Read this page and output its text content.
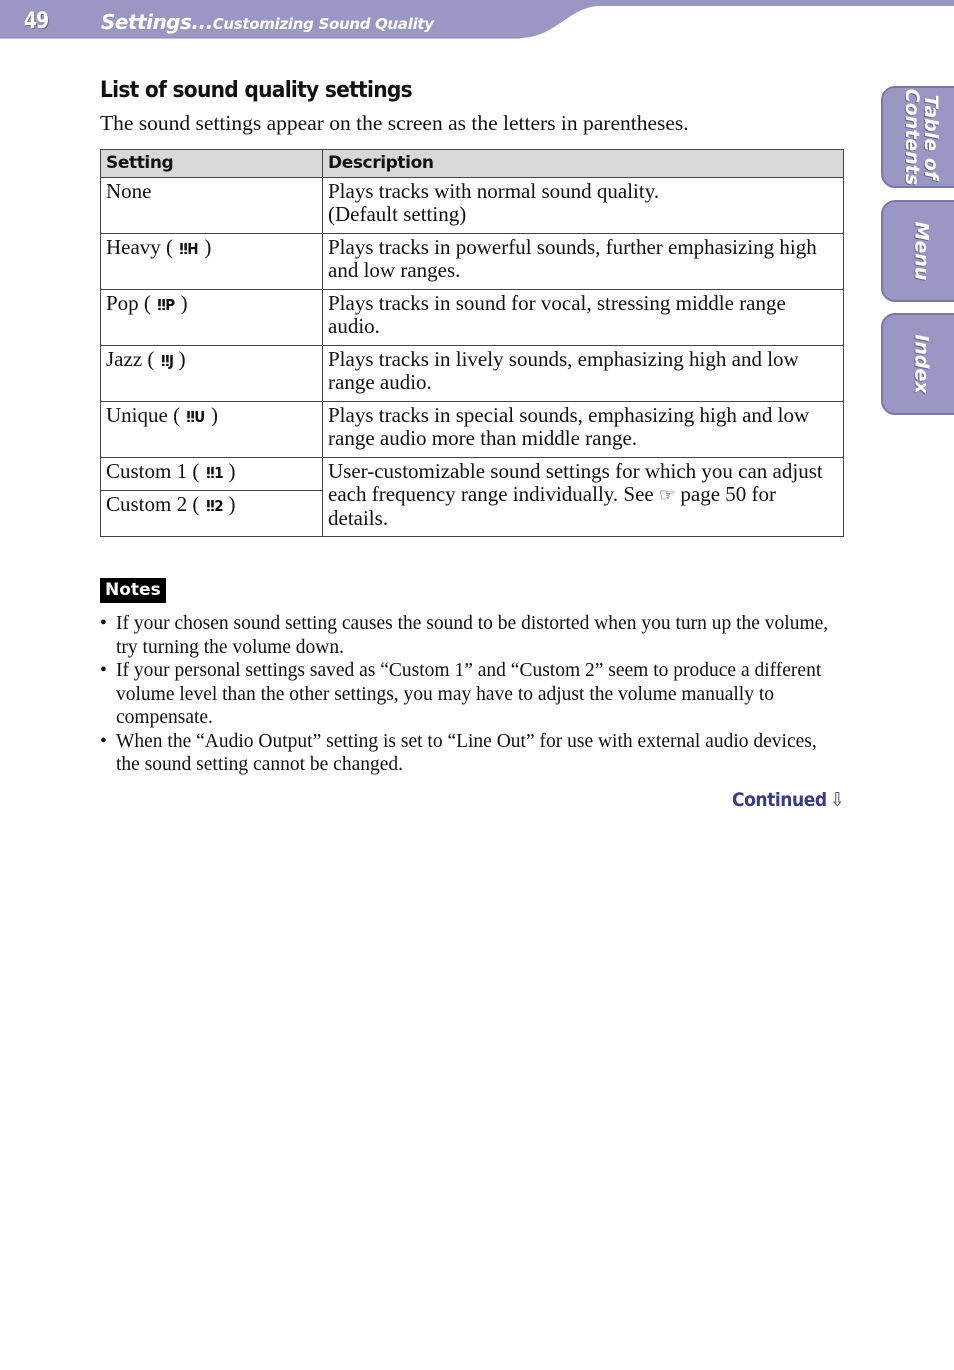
49	Settings...Customizing Sound Quality
Table of
Contents
Menu
Index
List of sound quality settings

The sound settings appear on the screen as the letters in parentheses.

Setting	Description
None	Plays tracks with normal sound quality.
(Default setting)
Heavy ( ⵑⵑH )	Plays tracks in powerful sounds, further emphasizing high and low ranges.
Pop ( ⵑⵑP )	Plays tracks in sound for vocal, stressing middle range audio.
Jazz ( ⵑⵑJ )	Plays tracks in lively sounds, emphasizing high and low range audio.
Unique ( ⵑⵑU )	Plays tracks in special sounds, emphasizing high and low range audio more than middle range.
Custom 1 ( ⵑⵑ1 )	User-customizable sound settings for which you can adjust each frequency range individually. See ☞ page 50 for details.
Custom 2 ( ⵑⵑ2 )	
Notes
• If your chosen sound setting causes the sound to be distorted when you turn up the volume, try turning the volume down.
• If your personal settings saved as “Custom 1” and “Custom 2” seem to produce a different volume level than the other settings, you may have to adjust the volume manually to compensate.
• When the “Audio Output” setting is set to “Line Out” for use with external audio devices, the sound setting cannot be changed.
Continued ⇩
